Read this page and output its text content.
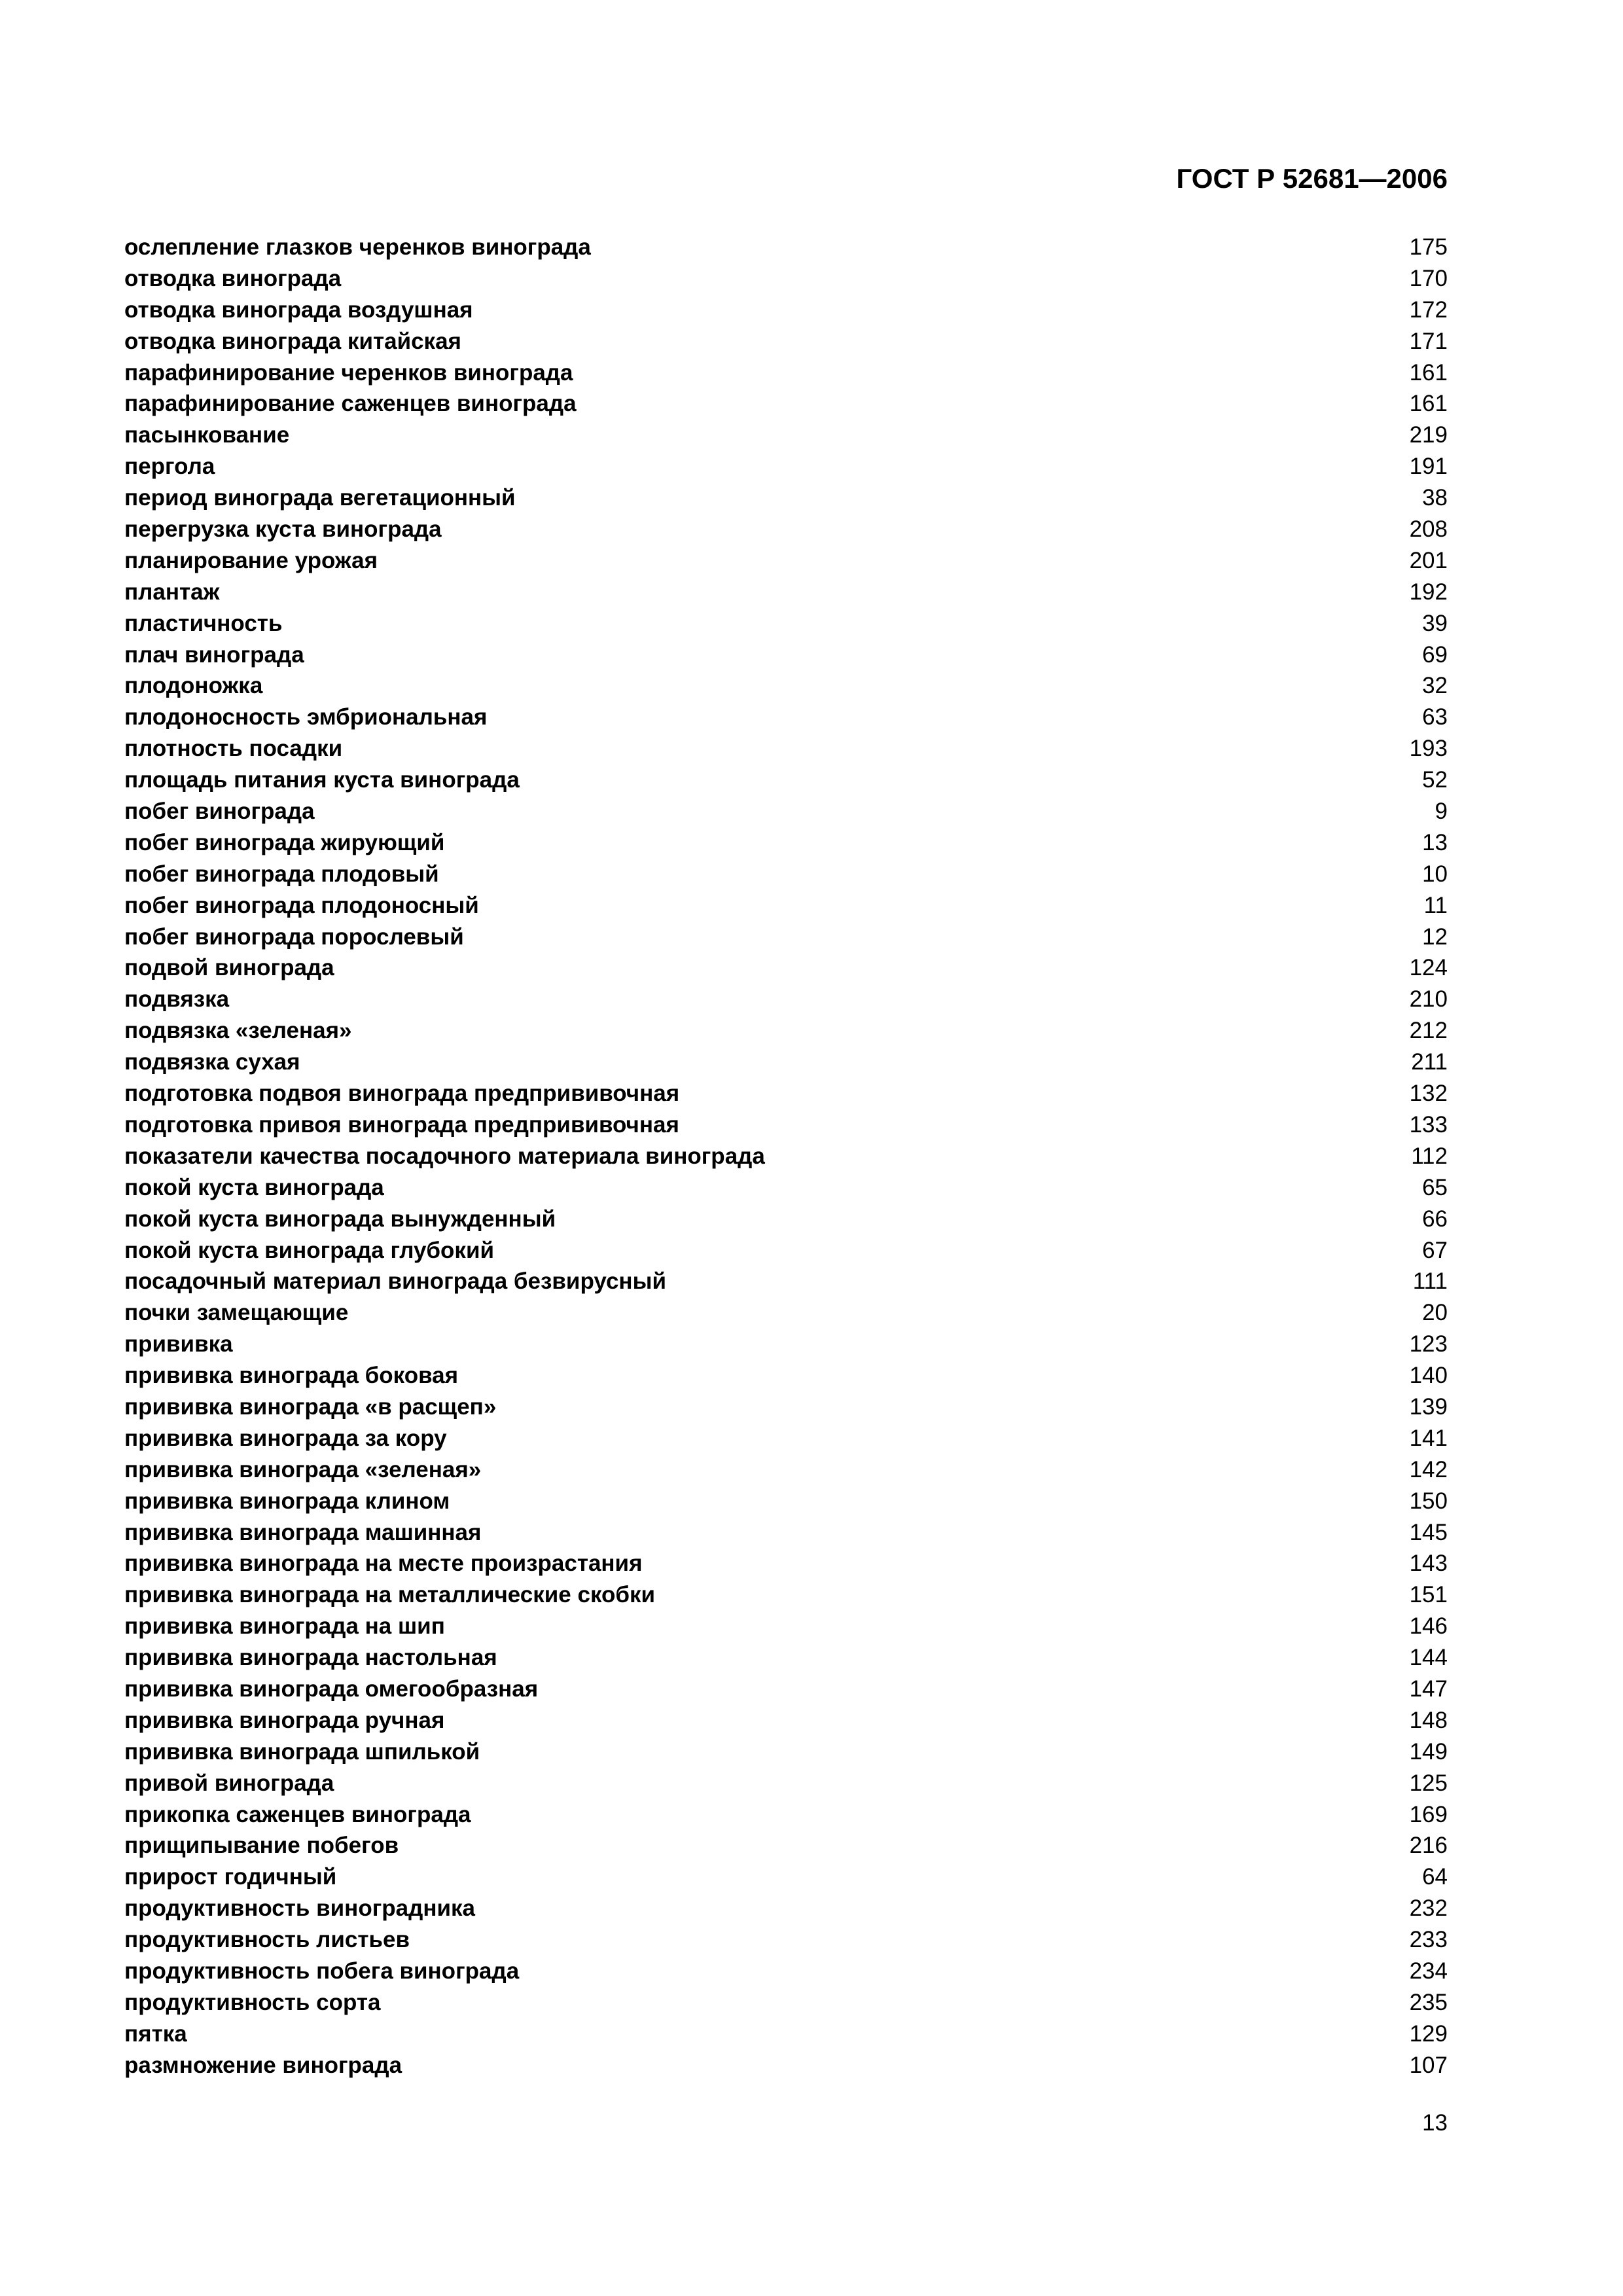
ГОСТ Р 52681—2006
ослепление глазков черенков винограда	175
отводка винограда	170
отводка винограда воздушная	172
отводка винограда китайская	171
парафинирование черенков винограда	161
парафинирование саженцев винограда	161
пасынкование	219
пергола	191
период винограда вегетационный	38
перегрузка куста винограда	208
планирование урожая	201
плантаж	192
пластичность	39
плач винограда	69
плодоножка	32
плодоносность эмбриональная	63
плотность посадки	193
площадь питания куста винограда	52
побег винограда	9
побег винограда жирующий	13
побег винограда плодовый	10
побег винограда плодоносный	11
побег винограда порослевый	12
подвой винограда	124
подвязка	210
подвязка «зеленая»	212
подвязка сухая	211
подготовка подвоя винограда предпрививочная	132
подготовка привоя винограда предпрививочная	133
показатели качества посадочного материала винограда	112
покой куста винограда	65
покой куста винограда вынужденный	66
покой куста винограда глубокий	67
посадочный материал винограда безвирусный	111
почки замещающие	20
прививка	123
прививка винограда боковая	140
прививка винограда «в расщеп»	139
прививка винограда за кору	141
прививка винограда «зеленая»	142
прививка винограда клином	150
прививка винограда машинная	145
прививка винограда на месте произрастания	143
прививка винограда на металлические скобки	151
прививка винограда на шип	146
прививка винограда настольная	144
прививка винограда омегообразная	147
прививка винограда ручная	148
прививка винограда шпилькой	149
привой винограда	125
прикопка саженцев винограда	169
прищипывание побегов	216
прирост годичный	64
продуктивность виноградника	232
продуктивность листьев	233
продуктивность побега винограда	234
продуктивность сорта	235
пятка	129
размножение винограда	107
13
